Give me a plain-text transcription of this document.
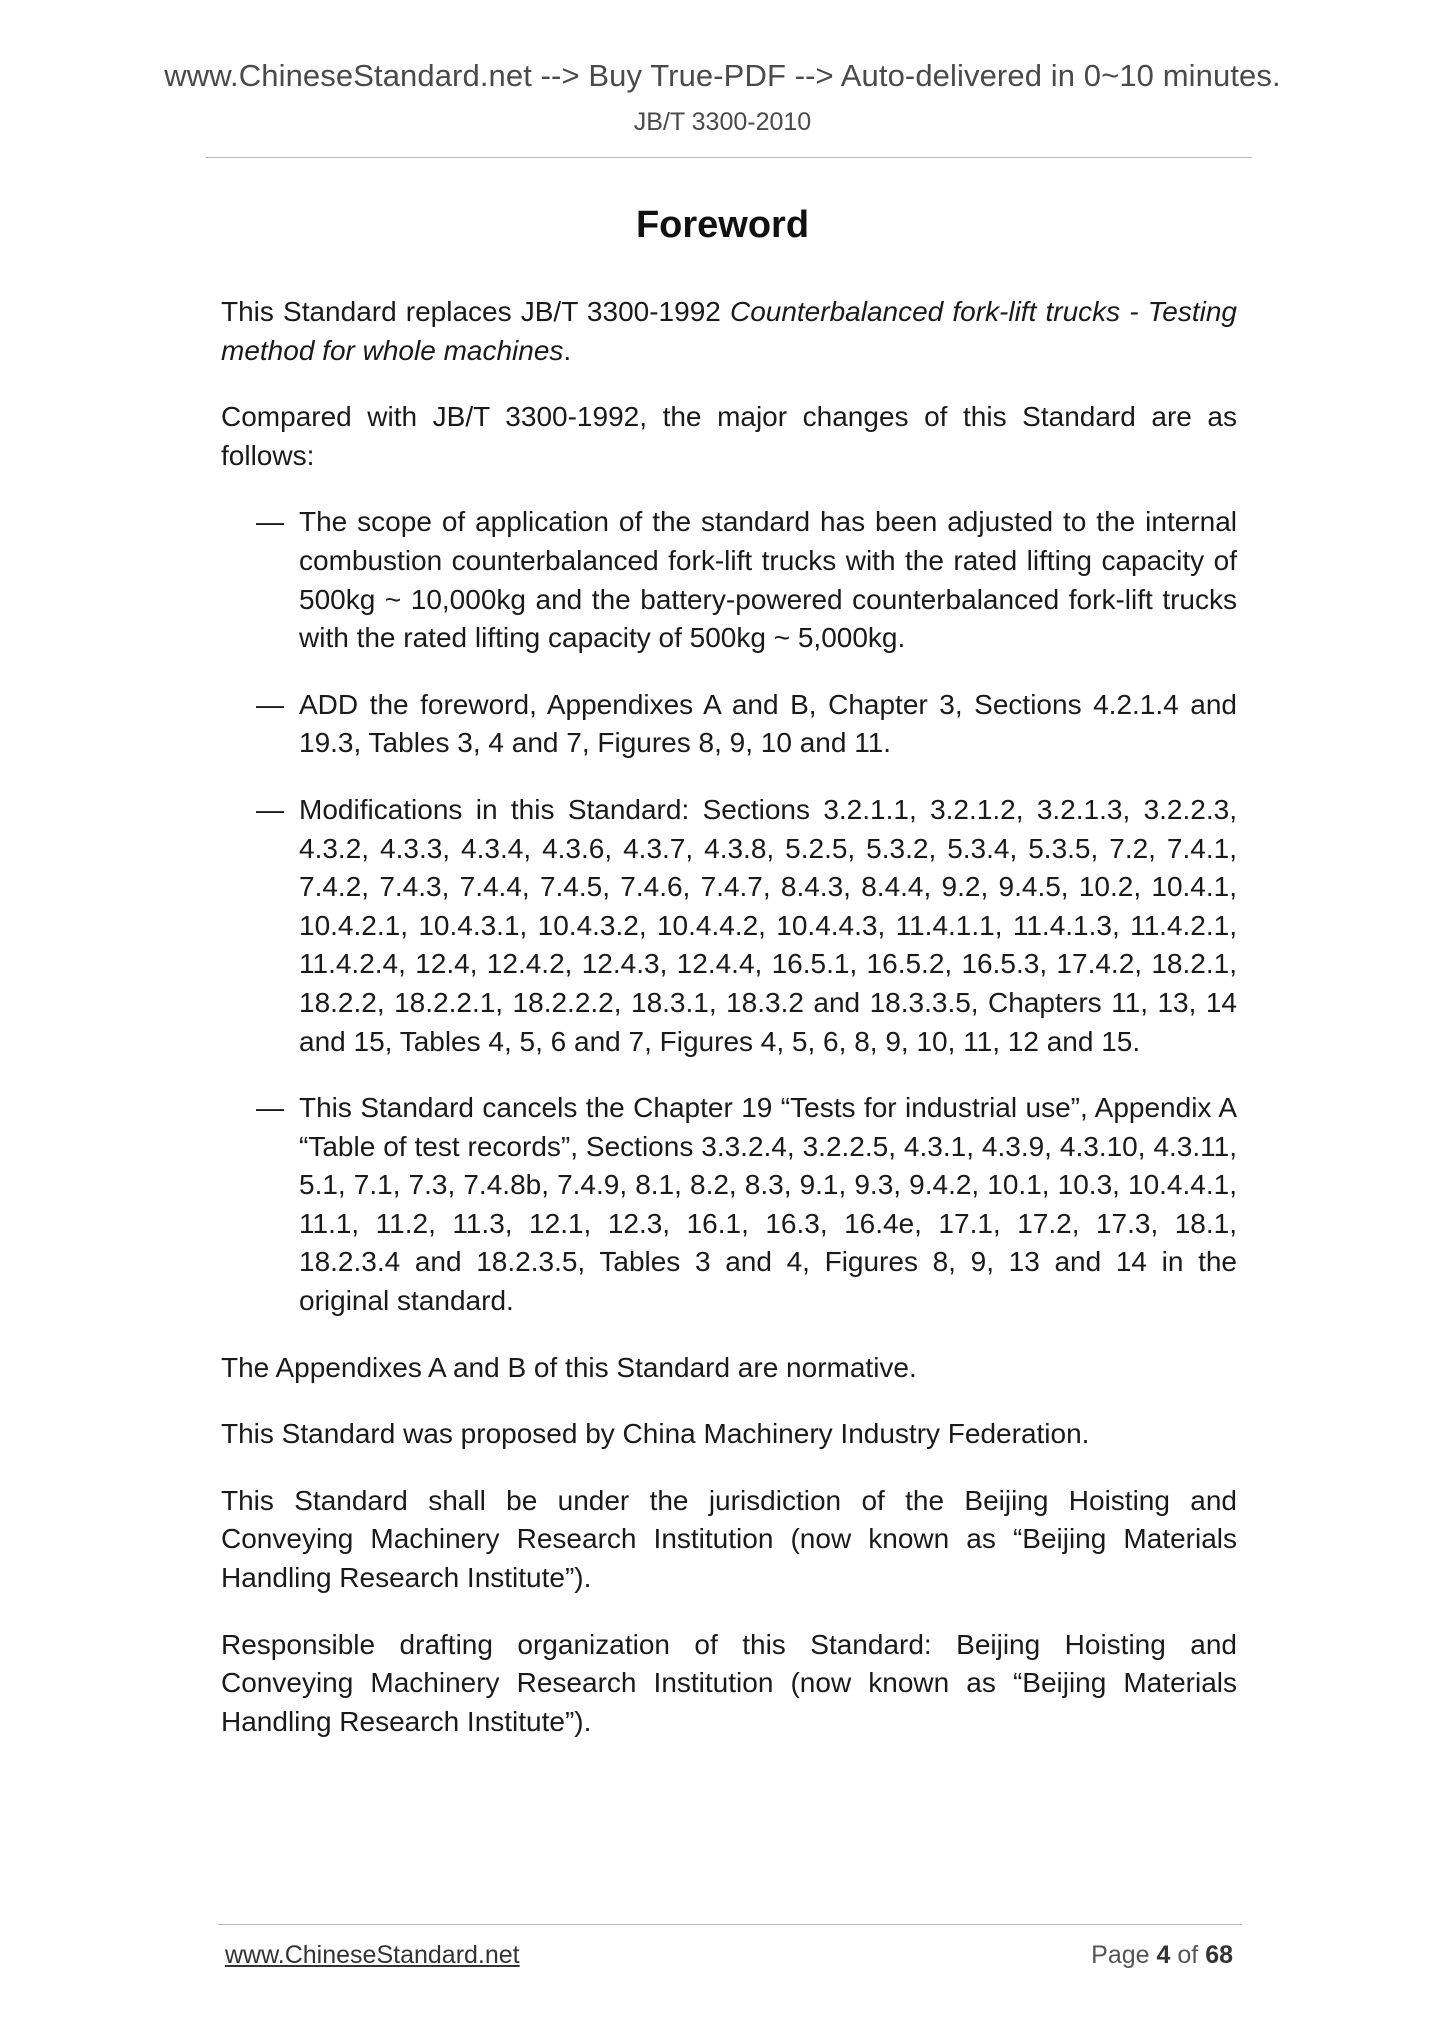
www.ChineseStandard.net --> Buy True-PDF --> Auto-delivered in 0~10 minutes.
JB/T 3300-2010
Foreword

This Standard replaces JB/T 3300-1992 Counterbalanced fork-lift trucks - Testing method for whole machines.

Compared with JB/T 3300-1992, the major changes of this Standard are as follows:

— The scope of application of the standard has been adjusted to the internal combustion counterbalanced fork-lift trucks with the rated lifting capacity of 500kg ~ 10,000kg and the battery-powered counterbalanced fork-lift trucks with the rated lifting capacity of 500kg ~ 5,000kg.
— ADD the foreword, Appendixes A and B, Chapter 3, Sections 4.2.1.4 and 19.3, Tables 3, 4 and 7, Figures 8, 9, 10 and 11.
— Modifications in this Standard: Sections 3.2.1.1, 3.2.1.2, 3.2.1.3, 3.2.2.3, 4.3.2, 4.3.3, 4.3.4, 4.3.6, 4.3.7, 4.3.8, 5.2.5, 5.3.2, 5.3.4, 5.3.5, 7.2, 7.4.1, 7.4.2, 7.4.3, 7.4.4, 7.4.5, 7.4.6, 7.4.7, 8.4.3, 8.4.4, 9.2, 9.4.5, 10.2, 10.4.1, 10.4.2.1, 10.4.3.1, 10.4.3.2, 10.4.4.2, 10.4.4.3, 11.4.1.1, 11.4.1.3, 11.4.2.1, 11.4.2.4, 12.4, 12.4.2, 12.4.3, 12.4.4, 16.5.1, 16.5.2, 16.5.3, 17.4.2, 18.2.1, 18.2.2, 18.2.2.1, 18.2.2.2, 18.3.1, 18.3.2 and 18.3.3.5, Chapters 11, 13, 14 and 15, Tables 4, 5, 6 and 7, Figures 4, 5, 6, 8, 9, 10, 11, 12 and 15.
— This Standard cancels the Chapter 19 “Tests for industrial use”, Appendix A “Table of test records”, Sections 3.3.2.4, 3.2.2.5, 4.3.1, 4.3.9, 4.3.10, 4.3.11, 5.1, 7.1, 7.3, 7.4.8b, 7.4.9, 8.1, 8.2, 8.3, 9.1, 9.3, 9.4.2, 10.1, 10.3, 10.4.4.1, 11.1, 11.2, 11.3, 12.1, 12.3, 16.1, 16.3, 16.4e, 17.1, 17.2, 17.3, 18.1, 18.2.3.4 and 18.2.3.5, Tables 3 and 4, Figures 8, 9, 13 and 14 in the original standard.

The Appendixes A and B of this Standard are normative.

This Standard was proposed by China Machinery Industry Federation.

This Standard shall be under the jurisdiction of the Beijing Hoisting and Conveying Machinery Research Institution (now known as “Beijing Materials Handling Research Institute”).

Responsible drafting organization of this Standard: Beijing Hoisting and Conveying Machinery Research Institution (now known as “Beijing Materials Handling Research Institute”).

www.ChineseStandard.net	Page 4 of 68
